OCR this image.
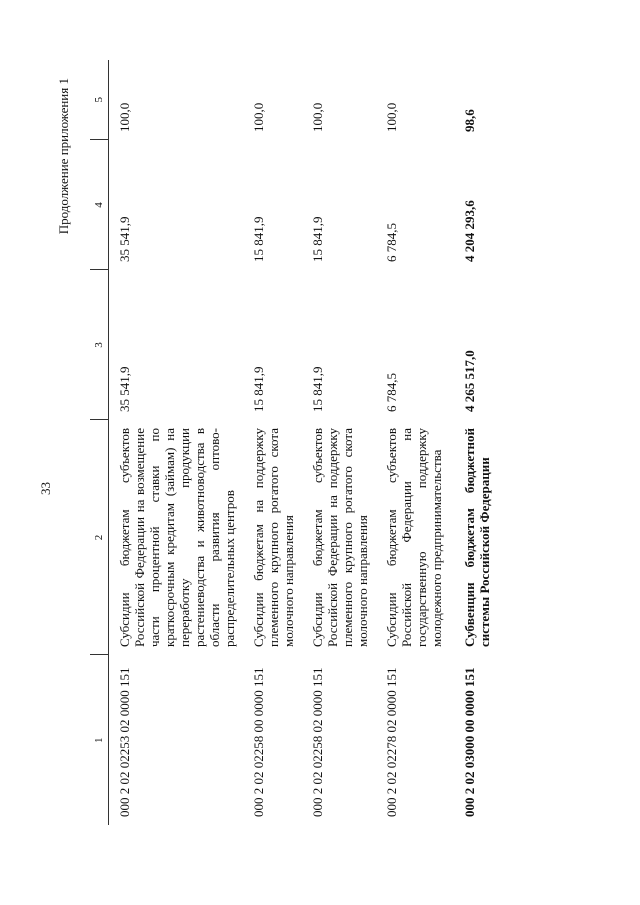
33
Продолжение приложения 1
1	2	3	4	5
000 2 02 02253 02 0000 151	Субсидии бюджетам субъектов Российской Федерации на возмещение части процентной ставки по краткосрочным кредитам (займам) на переработку продукции растениеводства и животноводства в области развития оптово-распределительных центров	35 541,9	35 541,9	100,0
000 2 02 02258 00 0000 151	Субсидии бюджетам на поддержку племенного крупного рогатого скота молочного направления	15 841,9	15 841,9	100,0
000 2 02 02258 02 0000 151	Субсидии бюджетам субъектов Российской Федерации на поддержку племенного крупного рогатого скота молочного направления	15 841,9	15 841,9	100,0
000 2 02 02278 02 0000 151	Субсидии бюджетам субъектов Российской Федерации на государственную поддержку молодежного предпринимательства	6 784,5	6 784,5	100,0
000 2 02 03000 00 0000 151	Субвенции бюджетам бюджетной системы Российской Федерации	4 265 517,0	4 204 293,6	98,6
